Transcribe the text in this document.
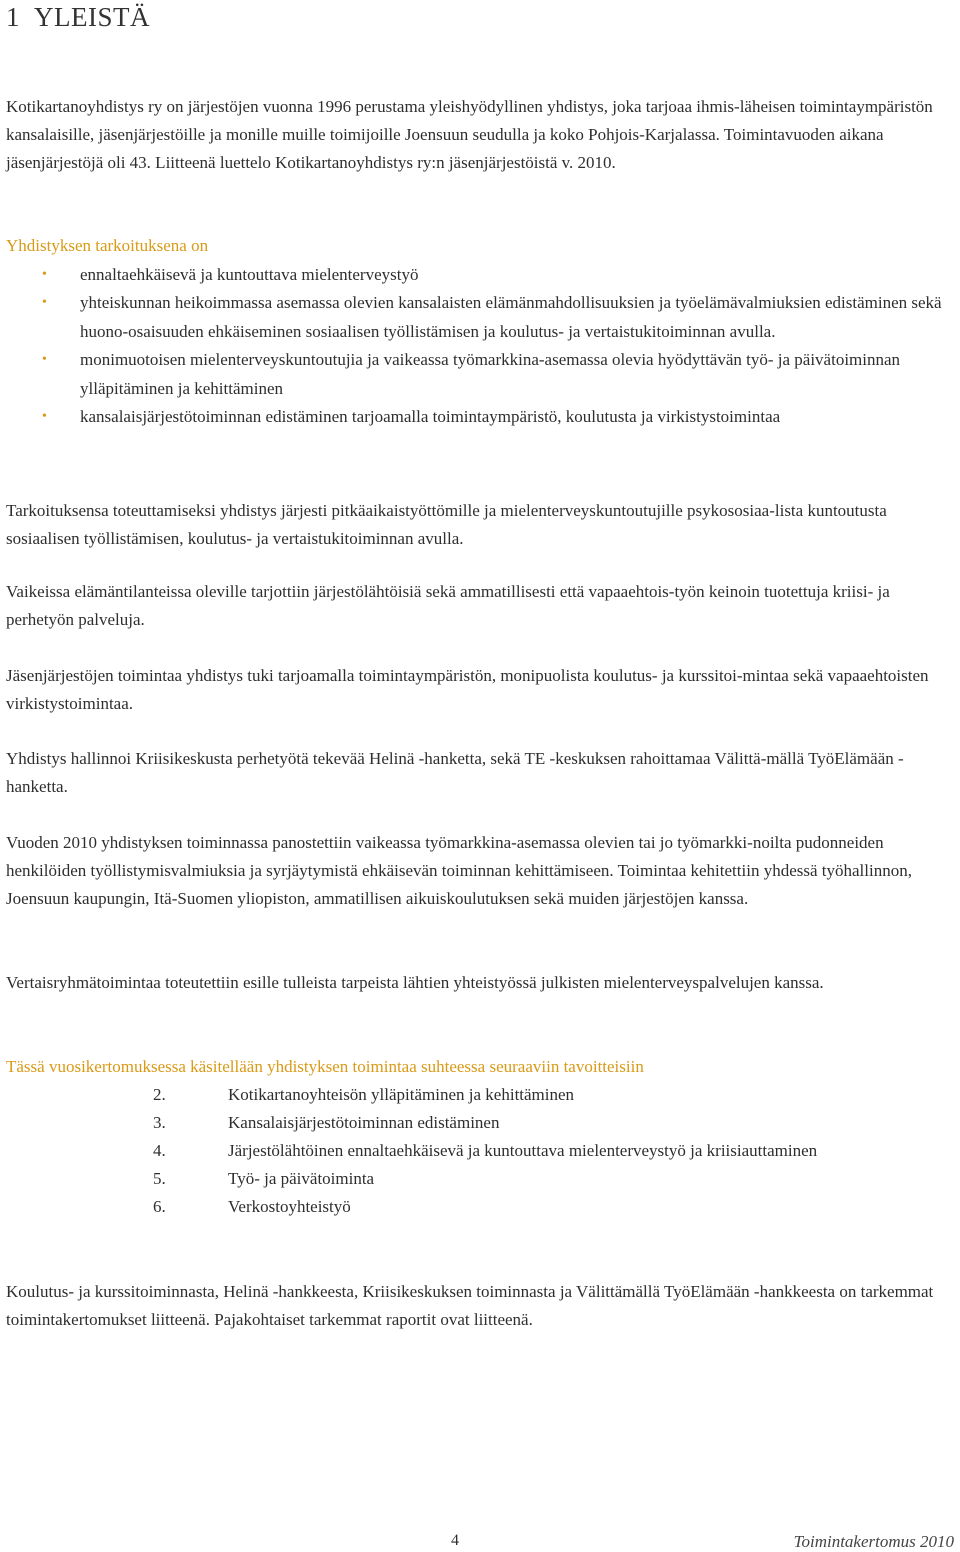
1 YLEISTÄ

Kotikartanoyhdistys ry on järjestöjen vuonna 1996 perustama yleishyödyllinen yhdistys, joka tarjoaa ihmis-läheisen toimintaympäristön kansalaisille, jäsenjärjestöille ja monille muille toimijoille Joensuun seudulla ja koko Pohjois-Karjalassa. Toimintavuoden aikana jäsenjärjestöjä oli 43. Liitteenä luettelo Kotikartanoyhdistys ry:n jäsenjärjestöistä v. 2010.

Yhdistyksen tarkoituksena on
• ennaltaehkäisevä ja kuntouttava mielenterveystyö
• yhteiskunnan heikoimmassa asemassa olevien kansalaisten elämänmahdollisuuksien ja työelämävalmiuksien edistäminen sekä huono-osaisuuden ehkäiseminen sosiaalisen työllistämisen ja koulutus- ja vertaistukitoiminnan avulla.
• monimuotoisen mielenterveyskuntoutujia ja vaikeassa työmarkkina-asemassa olevia hyödyttävän työ- ja päivätoiminnan ylläpitäminen ja kehittäminen
• kansalaisjärjestötoiminnan edistäminen tarjoamalla toimintaympäristö, koulutusta ja virkistystoimintaa

Tarkoituksensa toteuttamiseksi yhdistys järjesti pitkäaikaistyöttömille ja mielenterveyskuntoutujille psykososiaa-lista kuntoutusta sosiaalisen työllistämisen, koulutus- ja vertaistukitoiminnan avulla.

Vaikeissa elämäntilanteissa oleville tarjottiin järjestölähtöisiä sekä ammatillisesti että vapaaehtois-työn keinoin tuotettuja kriisi- ja perhetyön palveluja.

Jäsenjärjestöjen toimintaa yhdistys tuki tarjoamalla toimintaympäristön, monipuolista koulutus- ja kurssitoi-mintaa sekä vapaaehtoisten virkistystoimintaa.

Yhdistys hallinnoi Kriisikeskusta perhetyötä tekevää Helinä -hanketta, sekä TE -keskuksen rahoittamaa Välittä-mällä TyöElämään -hanketta.

Vuoden 2010 yhdistyksen toiminnassa panostettiin vaikeassa työmarkkina-asemassa olevien tai jo työmarkki-noilta pudonneiden henkilöiden työllistymisvalmiuksia ja syrjäytymistä ehkäisevän toiminnan kehittämiseen. Toimintaa kehitettiin yhdessä työhallinnon, Joensuun kaupungin, Itä-Suomen yliopiston, ammatillisen aikuiskoulutuksen sekä muiden järjestöjen kanssa.

Vertaisryhmätoimintaa toteutettiin esille tulleista tarpeista lähtien yhteistyössä julkisten mielenterveyspalvelujen kanssa.

Tässä vuosikertomuksessa käsitellään yhdistyksen toimintaa suhteessa seuraaviin tavoitteisiin

2.	Kotikartanoyhteisön ylläpitäminen ja kehittäminen
3.	Kansalaisjärjestötoiminnan edistäminen
4.	Järjestölähtöinen ennaltaehkäisevä ja kuntouttava mielenterveystyö ja kriisiauttaminen
5.	Työ- ja päivätoiminta
6.	Verkostoyhteistyö

Koulutus- ja kurssitoiminnasta, Helinä -hankkeesta, Kriisikeskuksen toiminnasta ja Välittämällä TyöElämään -hankkeesta on tarkemmat toimintakertomukset liitteenä. Pajakohtaiset tarkemmat raportit ovat liitteenä.

4	Toimintakertomus 2010
